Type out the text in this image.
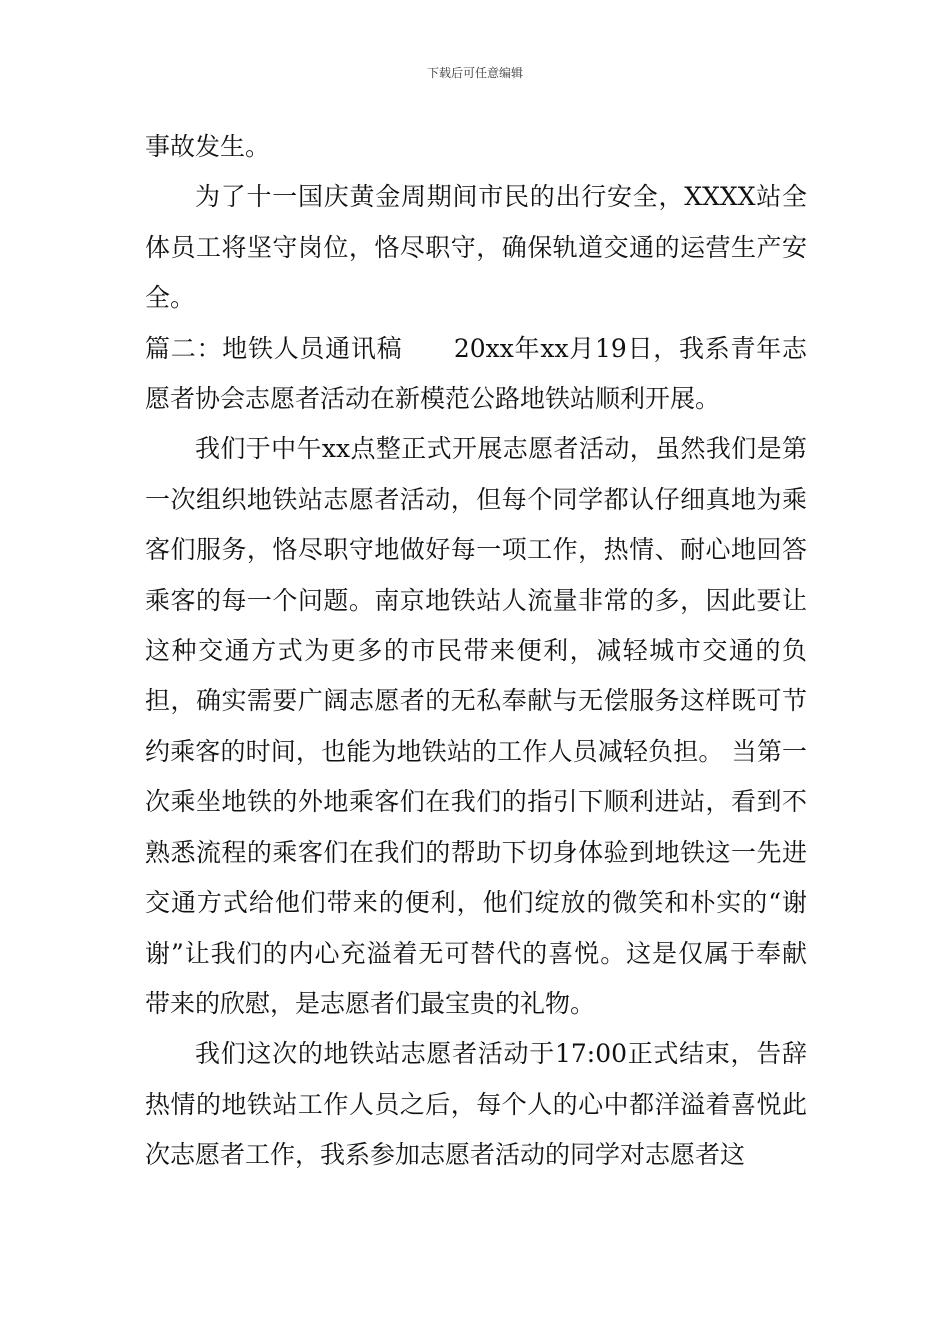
下载后可任意编辑

事故发生。

为了十一国庆黄金周期间市民的出行安全，XXXX站全体员工将坚守岗位，恪尽职守，确保轨道交通的运营生产安全。

篇二：地铁人员通讯稿　　20xx年xx月19日，我系青年志愿者协会志愿者活动在新模范公路地铁站顺利开展。

我们于中午xx点整正式开展志愿者活动，虽然我们是第一次组织地铁站志愿者活动，但每个同学都认仔细真地为乘客们服务，恪尽职守地做好每一项工作，热情、耐心地回答乘客的每一个问题。南京地铁站人流量非常的多，因此要让这种交通方式为更多的市民带来便利，减轻城市交通的负担，确实需要广阔志愿者的无私奉献与无偿服务这样既可节约乘客的时间，也能为地铁站的工作人员减轻负担。 当第一次乘坐地铁的外地乘客们在我们的指引下顺利进站，看到不熟悉流程的乘客们在我们的帮助下切身体验到地铁这一先进交通方式给他们带来的便利，他们绽放的微笑和朴实的“谢谢”让我们的内心充溢着无可替代的喜悦。这是仅属于奉献带来的欣慰，是志愿者们最宝贵的礼物。

我们这次的地铁站志愿者活动于17:00正式结束，告辞热情的地铁站工作人员之后，每个人的心中都洋溢着喜悦此次志愿者工作，我系参加志愿者活动的同学对志愿者这
